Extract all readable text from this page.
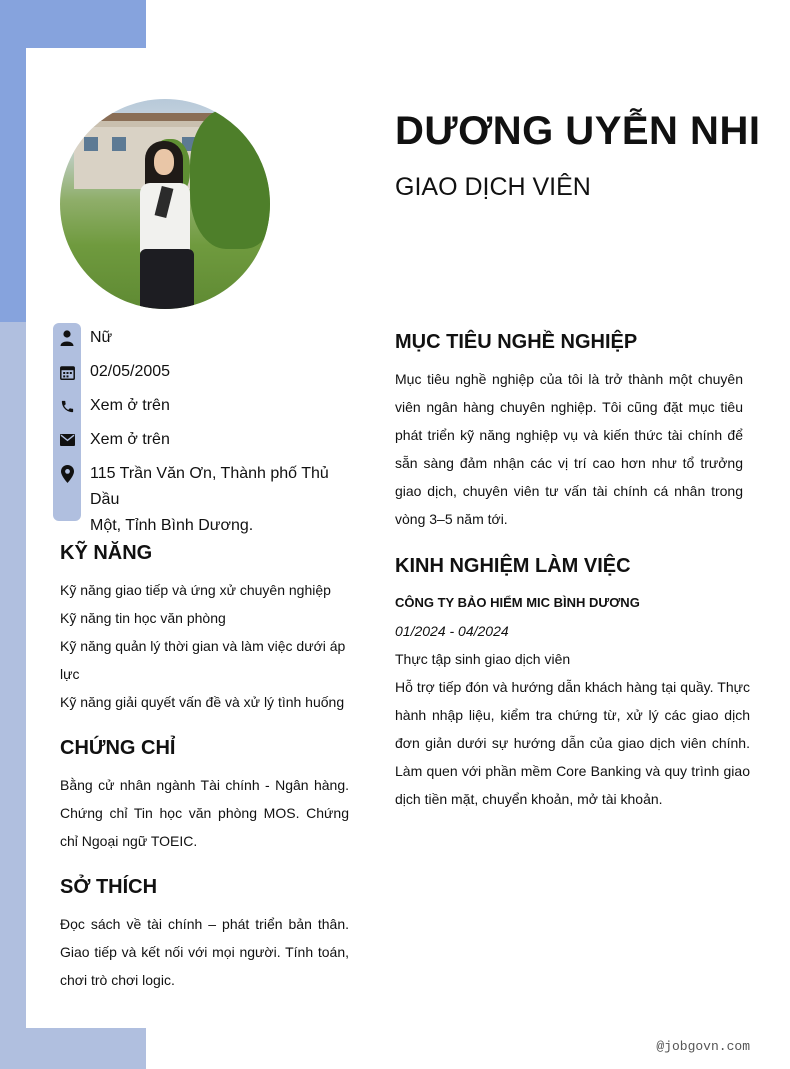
DƯƠNG UYỄN NHI
GIAO DỊCH VIÊN
Nữ
02/05/2005
Xem ở trên
Xem ở trên
115 Trần Văn Ơn, Thành phố Thủ Dầu
Một, Tỉnh Bình Dương.
KỸ NĂNG
Kỹ năng giao tiếp và ứng xử chuyên nghiệp
Kỹ năng tin học văn phòng
Kỹ năng quản lý thời gian và làm việc dưới áp lực
Kỹ năng giải quyết vấn đề và xử lý tình huống
CHỨNG CHỈ
Bằng cử nhân ngành Tài chính - Ngân hàng. Chứng chỉ Tin học văn phòng MOS. Chứng chỉ Ngoại ngữ TOEIC.
SỞ THÍCH
Đọc sách về tài chính – phát triển bản thân. Giao tiếp và kết nối với mọi người. Tính toán, chơi trò chơi logic.
MỤC TIÊU NGHỀ NGHIỆP
Mục tiêu nghề nghiệp của tôi là trở thành một chuyên viên ngân hàng chuyên nghiệp. Tôi cũng đặt mục tiêu phát triển kỹ năng nghiệp vụ và kiến thức tài chính để sẵn sàng đảm nhận các vị trí cao hơn như tổ trưởng giao dịch, chuyên viên tư vấn tài chính cá nhân trong vòng 3–5 năm tới.
KINH NGHIỆM LÀM VIỆC
CÔNG TY BẢO HIỂM MIC BÌNH DƯƠNG
01/2024 - 04/2024
Thực tập sinh giao dịch viên
Hỗ trợ tiếp đón và hướng dẫn khách hàng tại quầy. Thực hành nhập liệu, kiểm tra chứng từ, xử lý các giao dịch đơn giản dưới sự hướng dẫn của giao dịch viên chính. Làm quen với phần mềm Core Banking và quy trình giao dịch tiền mặt, chuyển khoản, mở tài khoản.
@jobgovn.com
